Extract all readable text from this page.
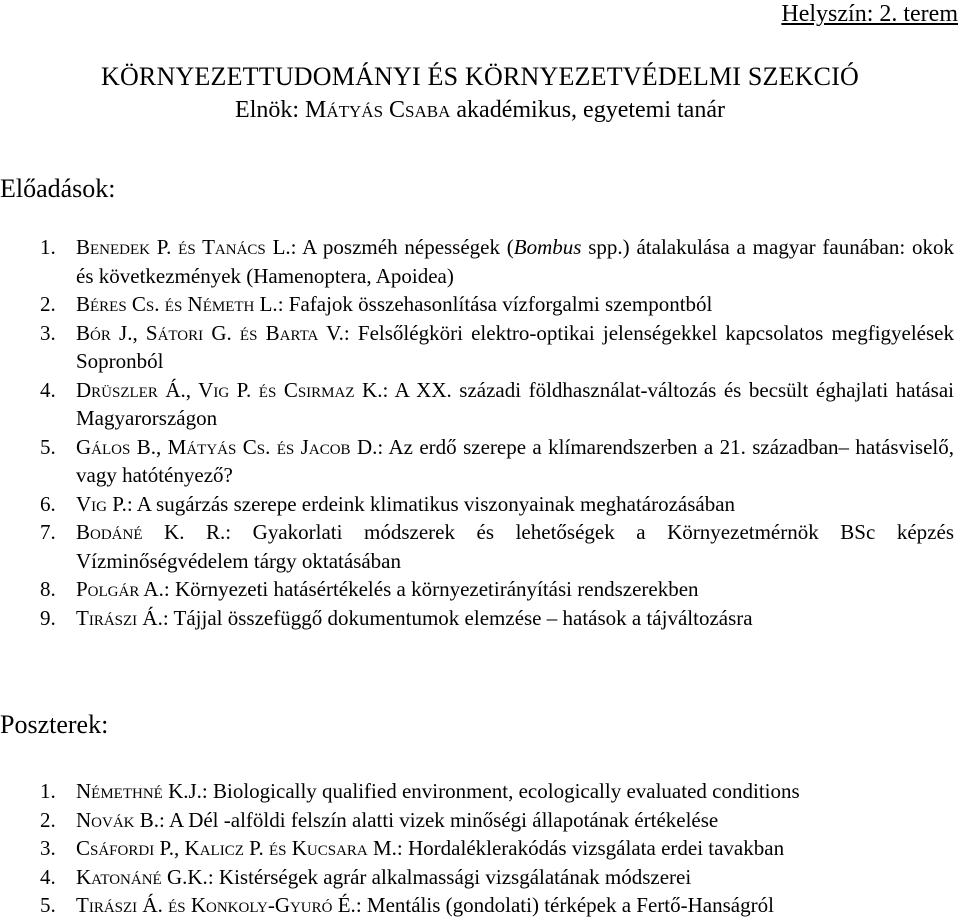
Helyszín: 2. terem
KÖRNYEZETTUDOMÁNYI ÉS KÖRNYEZETVÉDELMI SZEKCIÓ
Elnök: Mátyás Csaba akadémikus, egyetemi tanár
Előadások:
1. Benedek P. és Tanács L.: A poszméh népességek (Bombus spp.) átalakulása a magyar faunában: okok és következmények (Hamenoptera, Apoidea)
2. Béres Cs. és Németh L.: Fafajok összehasonlítása vízforgalmi szempontból
3. Bór J., Sátori G. és Barta V.: Felsőlégköri elektro-optikai jelenségekkel kapcsolatos megfigyelések Sopronból
4. Drüszler Á., Vig P. és Csirmaz K.: A XX. századi földhasználat-változás és becsült éghajlati hatásai Magyarországon
5. Gálos B., Mátyás Cs. és Jacob D.: Az erdő szerepe a klímarendszerben a 21. században– hatásviselő, vagy hatótényező?
6. Vig P.: A sugárzás szerepe erdeink klimatikus viszonyainak meghatározásában
7. Bodáné K. R.: Gyakorlati módszerek és lehetőségek a Környezetmérnök BSc képzés Vízminőségvédelem tárgy oktatásában
8. Polgár A.: Környezeti hatásértékelés a környezetirányítási rendszerekben
9. Tirászi Á.: Tájjal összefüggő dokumentumok elemzése – hatások a tájváltozásra
Poszterek:
1. Némethné K.J.: Biologically qualified environment, ecologically evaluated conditions
2. Novák B.: A Dél -alföldi felszín alatti vizek minőségi állapotának értékelése
3. Csáfordi P., Kalicz P. és Kucsara M.: Hordaléklerakódás vizsgálata erdei tavakban
4. Katonáné G.K.: Kistérségek agrár alkalmassági vizsgálatának módszerei
5. Tirászi Á. és Konkoly-Gyuró É.: Mentális (gondolati) térképek a Fertő-Hanságról
